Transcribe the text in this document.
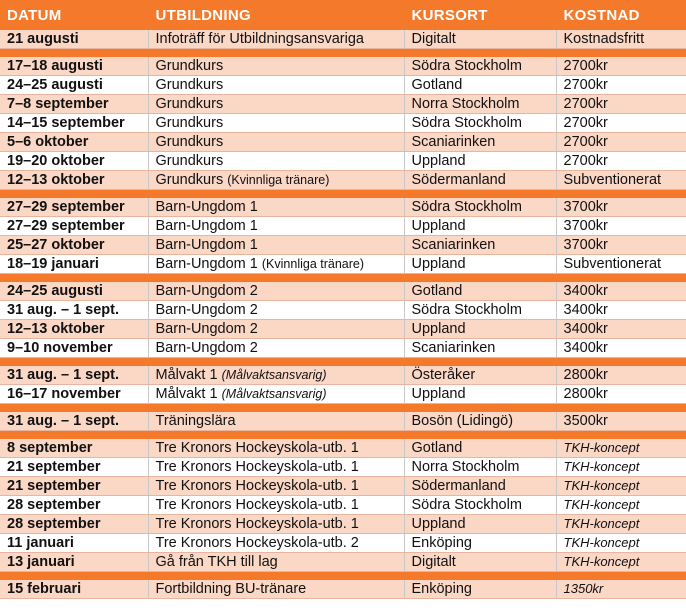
DATUM	UTBILDNING	KURSORT	KOSTNAD
21 augusti	Infoträff för Utbildningsansvariga	Digitalt	Kostnadsfritt

17–18 augusti	Grundkurs	Södra Stockholm	2700kr
24–25 augusti	Grundkurs	Gotland	2700kr
7–8 september	Grundkurs	Norra Stockholm	2700kr
14–15 september	Grundkurs	Södra Stockholm	2700kr
5–6 oktober	Grundkurs	Scaniarinken	2700kr
19–20 oktober	Grundkurs	Uppland	2700kr
12–13 oktober	Grundkurs (Kvinnliga tränare)	Södermanland	Subventionerat

27–29 september	Barn-Ungdom 1	Södra Stockholm	3700kr
27–29 september	Barn-Ungdom 1	Uppland	3700kr
25–27 oktober	Barn-Ungdom 1	Scaniarinken	3700kr
18–19 januari	Barn-Ungdom 1 (Kvinnliga tränare)	Uppland	Subventionerat

24–25 augusti	Barn-Ungdom 2	Gotland	3400kr
31 aug. – 1 sept.	Barn-Ungdom 2	Södra Stockholm	3400kr
12–13 oktober	Barn-Ungdom 2	Uppland	3400kr
9–10 november	Barn-Ungdom 2	Scaniarinken	3400kr

31 aug. – 1 sept.	Målvakt 1 (Målvaktsansvarig)	Österåker	2800kr
16–17 november	Målvakt 1 (Målvaktsansvarig)	Uppland	2800kr

31 aug. – 1 sept.	Träningslära	Bosön (Lidingö)	3500kr

8 september	Tre Kronors Hockeyskola-utb. 1	Gotland	TKH-koncept
21 september	Tre Kronors Hockeyskola-utb. 1	Norra Stockholm	TKH-koncept
21 september	Tre Kronors Hockeyskola-utb. 1	Södermanland	TKH-koncept
28 september	Tre Kronors Hockeyskola-utb. 1	Södra Stockholm	TKH-koncept
28 september	Tre Kronors Hockeyskola-utb. 1	Uppland	TKH-koncept
11 januari	Tre Kronors Hockeyskola-utb. 2	Enköping	TKH-koncept
13 januari	Gå från TKH till lag	Digitalt	TKH-koncept

15 februari	Fortbildning BU-tränare	Enköping	1350kr
